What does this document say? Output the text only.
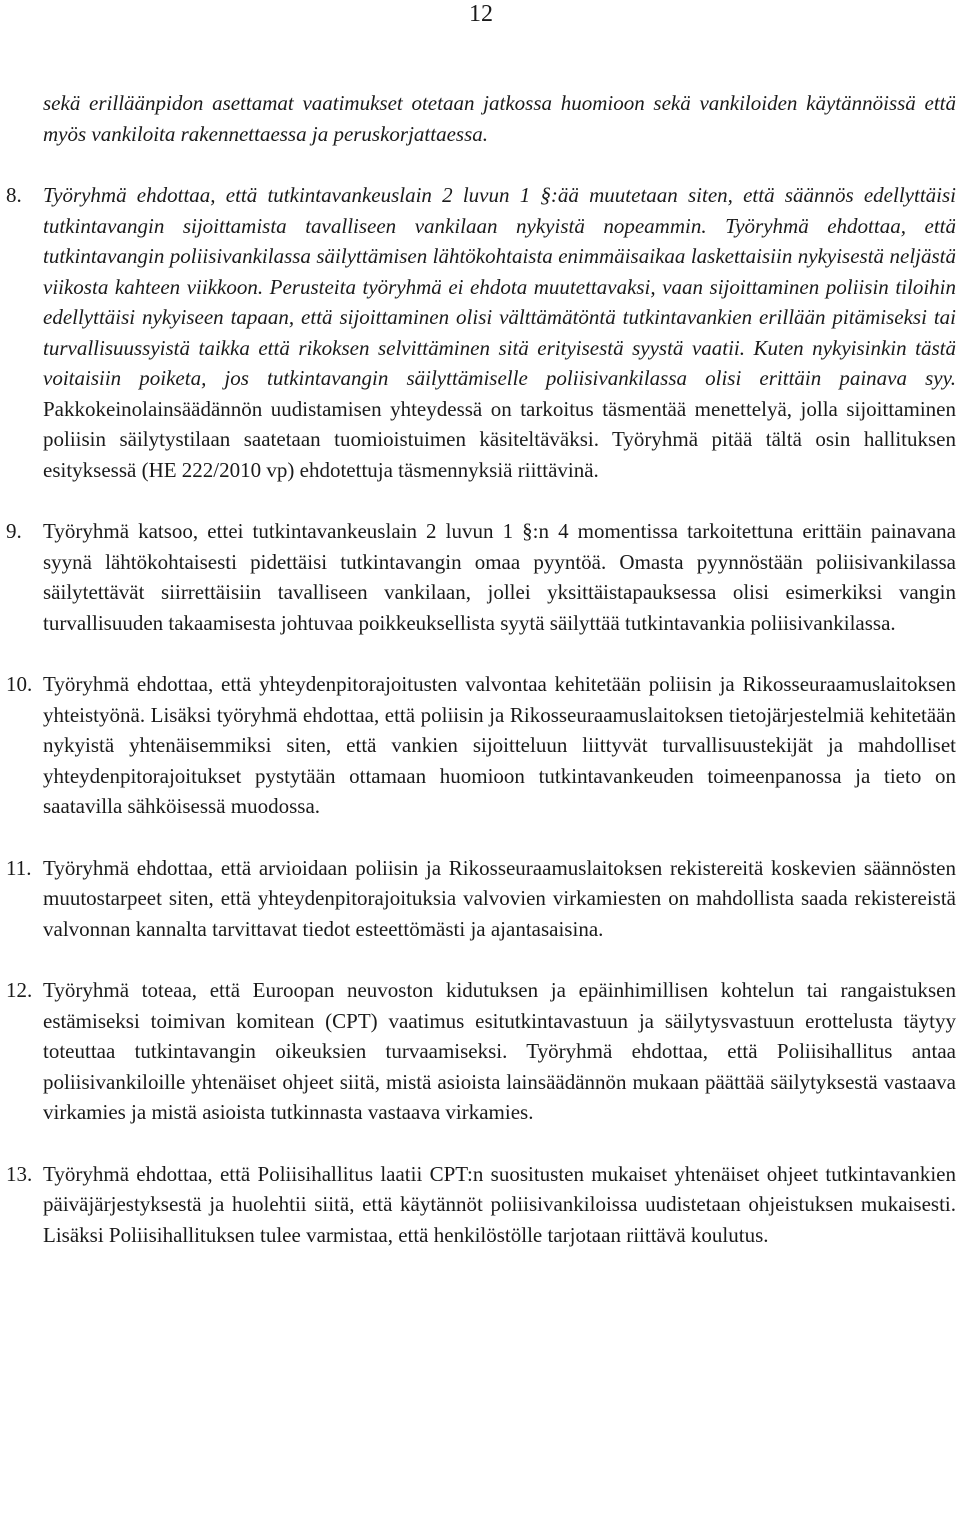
12

sekä erilläänpidon asettamat vaatimukset otetaan jatkossa huomioon sekä vankiloiden käytännöissä että myös vankiloita rakennettaessa ja peruskorjattaessa.

8. Työryhmä ehdottaa, että tutkintavankeuslain 2 luvun 1 §:ää muutetaan siten, että säännös edellyttäisi tutkintavangin sijoittamista tavalliseen vankilaan nykyistä nopeammin. Työryhmä ehdottaa, että tutkintavangin poliisivankilassa säilyttämisen lähtökohtaista enimmäisaikaa laskettaisiin nykyisestä neljästä viikosta kahteen viikkoon. Perusteita työryhmä ei ehdota muutettavaksi, vaan sijoittaminen poliisin tiloihin edellyttäisi nykyiseen tapaan, että sijoittaminen olisi välttämätöntä tutkintavankien erillään pitämiseksi tai turvallisuussyistä taikka että rikoksen selvittäminen sitä erityisestä syystä vaatii. Kuten nykyisinkin tästä voitaisiin poiketa, jos tutkintavangin säilyttämiselle poliisivankilassa olisi erittäin painava syy. Pakkokeinolainsäädännön uudistamisen yhteydessä on tarkoitus täsmentää menettelyä, jolla sijoittaminen poliisin säilytystilaan saatetaan tuomioistuimen käsiteltäväksi. Työryhmä pitää tältä osin hallituksen esityksessä (HE 222/2010 vp) ehdotettuja täsmennyksiä riittävinä.

9. Työryhmä katsoo, ettei tutkintavankeuslain 2 luvun 1 §:n 4 momentissa tarkoitettuna erittäin painavana syynä lähtökohtaisesti pidettäisi tutkintavangin omaa pyyntöä. Omasta pyynnöstään poliisivankilassa säilytettävät siirrettäisiin tavalliseen vankilaan, jollei yksittäistapauksessa olisi esimerkiksi vangin turvallisuuden takaamisesta johtuvaa poikkeuksellista syytä säilyttää tutkintavankia poliisivankilassa.

10. Työryhmä ehdottaa, että yhteydenpitorajoitusten valvontaa kehitetään poliisin ja Rikosseuraamuslaitoksen yhteistyönä. Lisäksi työryhmä ehdottaa, että poliisin ja Rikosseuraamuslaitoksen tietojärjestelmiä kehitetään nykyistä yhtenäisemmiksi siten, että vankien sijoitteluun liittyvät turvallisuustekijät ja mahdolliset yhteydenpitorajoitukset pystytään ottamaan huomioon tutkintavankeuden toimeenpanossa ja tieto on saatavilla sähköisessä muodossa.

11. Työryhmä ehdottaa, että arvioidaan poliisin ja Rikosseuraamuslaitoksen rekistereitä koskevien säännösten muutostarpeet siten, että yhteydenpitorajoituksia valvovien virkamiesten on mahdollista saada rekistereistä valvonnan kannalta tarvittavat tiedot esteettömästi ja ajantasaisina.

12. Työryhmä toteaa, että Euroopan neuvoston kidutuksen ja epäinhimillisen kohtelun tai rangaistuksen estämiseksi toimivan komitean (CPT) vaatimus esitutkintavastuun ja säilytysvastuun erottelusta täytyy toteuttaa tutkintavangin oikeuksien turvaamiseksi. Työryhmä ehdottaa, että Poliisihallitus antaa poliisivankiloille yhtenäiset ohjeet siitä, mistä asioista lainsäädännön mukaan päättää säilytyksestä vastaava virkamies ja mistä asioista tutkinnasta vastaava virkamies.

13. Työryhmä ehdottaa, että Poliisihallitus laatii CPT:n suositusten mukaiset yhtenäiset ohjeet tutkintavankien päiväjärjestyksestä ja huolehtii siitä, että käytännöt poliisivankiloissa uudistetaan ohjeistuksen mukaisesti. Lisäksi Poliisihallituksen tulee varmistaa, että henkilöstölle tarjotaan riittävä koulutus.
